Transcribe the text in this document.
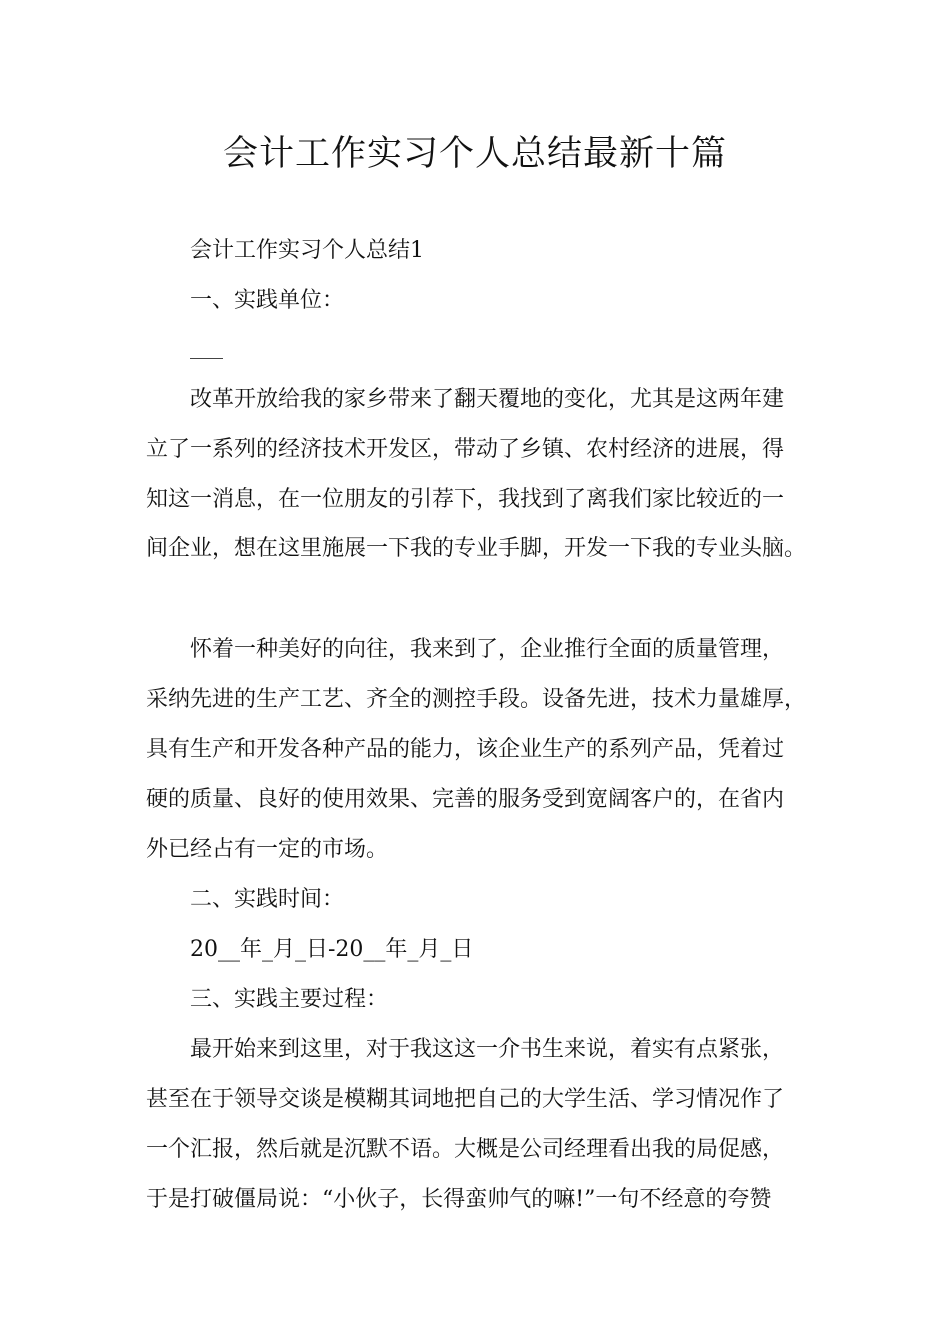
会计工作实习个人总结最新十篇
会计工作实习个人总结1
一、实践单位：
改革开放给我的家乡带来了翻天覆地的变化，尤其是这两年建
立了一系列的经济技术开发区，带动了乡镇、农村经济的进展，得
知这一消息，在一位朋友的引荐下，我找到了离我们家比较近的一
间企业，想在这里施展一下我的专业手脚，开发一下我的专业头脑。
怀着一种美好的向往，我来到了，企业推行全面的质量管理，
采纳先进的生产工艺、齐全的测控手段。设备先进，技术力量雄厚，
具有生产和开发各种产品的能力，该企业生产的系列产品，凭着过
硬的质量、良好的使用效果、完善的服务受到宽阔客户的，在省内
外已经占有一定的市场。
二、实践时间：
20__年_月_日-20__年_月_日
三、实践主要过程：
最开始来到这里，对于我这这一介书生来说，着实有点紧张，
甚至在于领导交谈是模糊其词地把自己的大学生活、学习情况作了
一个汇报，然后就是沉默不语。大概是公司经理看出我的局促感，
于是打破僵局说：“小伙子，长得蛮帅气的嘛!”一句不经意的夸赞
